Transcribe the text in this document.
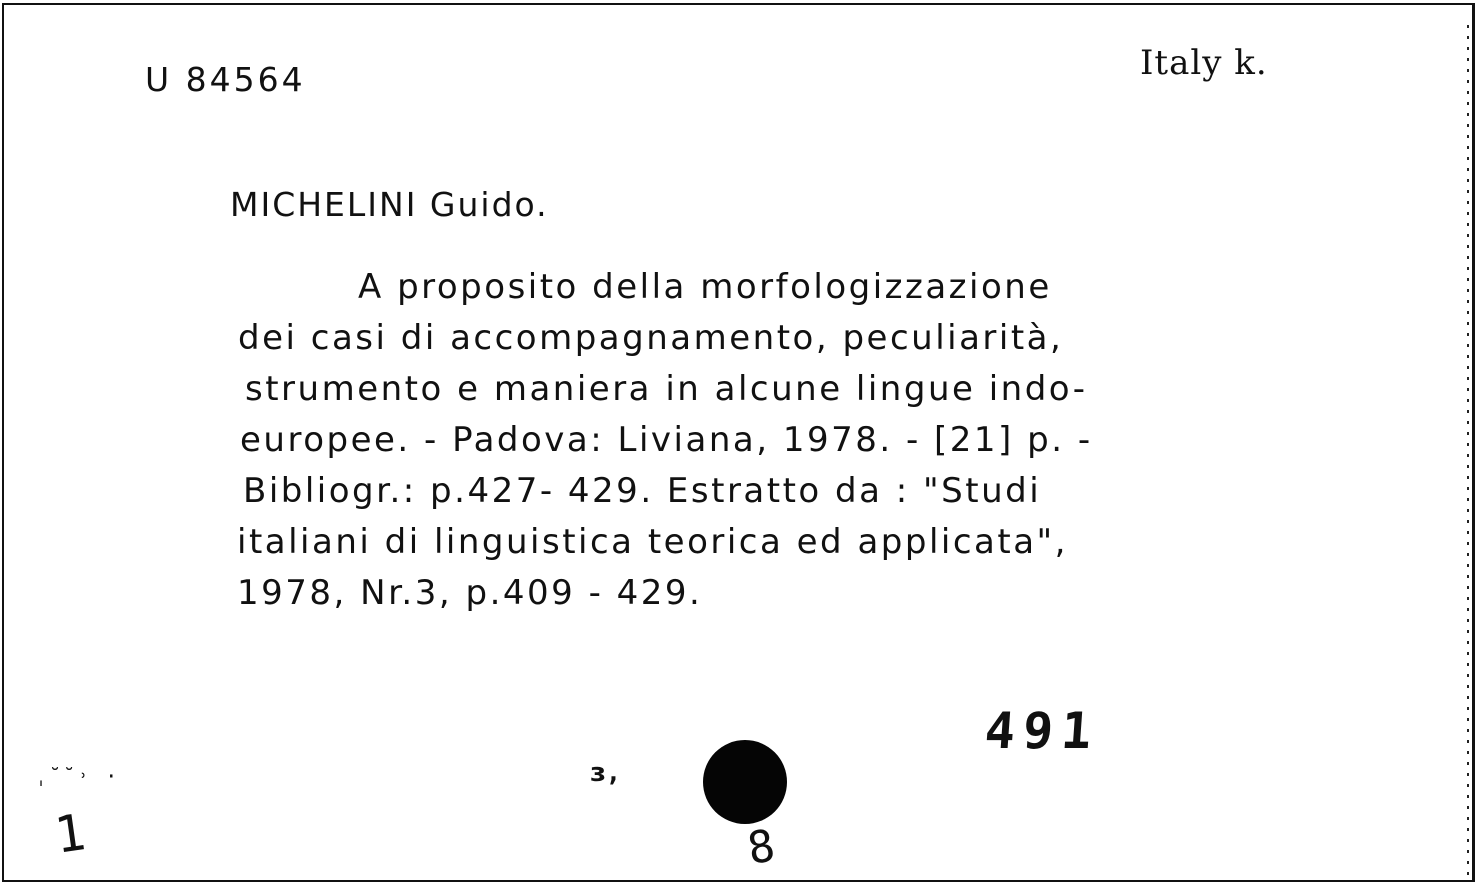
U 84564	Italy k.
MICHELINI Guido.
A proposito della morfologizzazione
dei casi di accompagnamento, peculiarità,
strumento e maniera in alcune lingue indo-
europee. - Padova: Liviana, 1978. - [21] p. -
Bibliogr.: p.427- 429. Estratto da : "Studi
italiani di linguistica teorica ed applicata",
1978, Nr.3, p.409 - 429.
491
ˌ˘˘˒ ·
1
ɜ,
8
